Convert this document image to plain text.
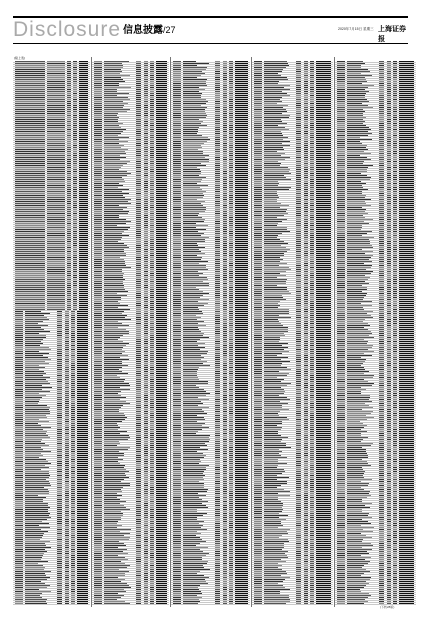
Disclosure 信息披露/27	2020年7月15日 星期三 上海证券报
(续上表)
(下转28版)
